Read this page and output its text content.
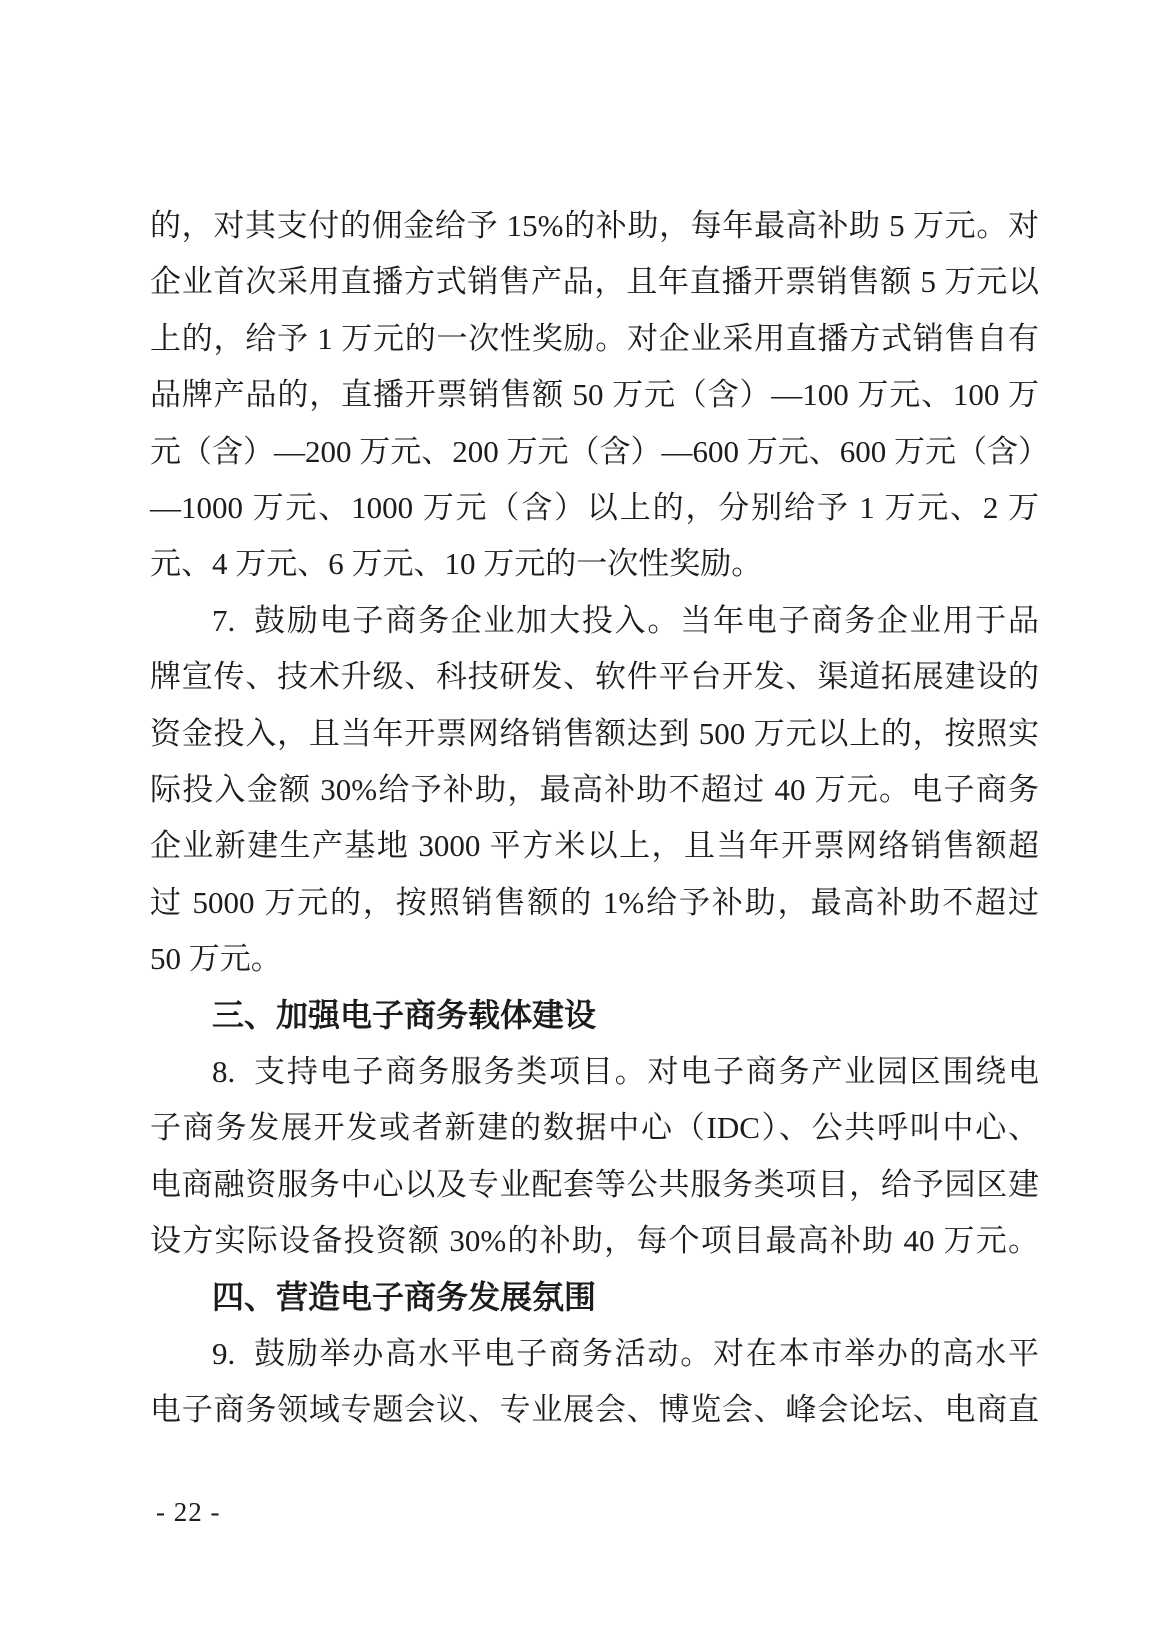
的，对其支付的佣金给予 15%的补助，每年最高补助 5 万元。对
企业首次采用直播方式销售产品，且年直播开票销售额 5 万元以
上的，给予 1 万元的一次性奖励。对企业采用直播方式销售自有
品牌产品的，直播开票销售额 50 万元（含）—100 万元、100 万
元（含）—200 万元、200 万元（含）—600 万元、600 万元（含）
—1000 万元、1000 万元（含）以上的，分别给予 1 万元、2 万
元、4 万元、6 万元、10 万元的一次性奖励。
7. 鼓励电子商务企业加大投入。当年电子商务企业用于品
牌宣传、技术升级、科技研发、软件平台开发、渠道拓展建设的
资金投入，且当年开票网络销售额达到 500 万元以上的，按照实
际投入金额 30%给予补助，最高补助不超过 40 万元。电子商务
企业新建生产基地 3000 平方米以上，且当年开票网络销售额超
过 5000 万元的，按照销售额的 1%给予补助，最高补助不超过
50 万元。
三、加强电子商务载体建设
8. 支持电子商务服务类项目。对电子商务产业园区围绕电
子商务发展开发或者新建的数据中心（IDC）、公共呼叫中心、
电商融资服务中心以及专业配套等公共服务类项目，给予园区建
设方实际设备投资额 30%的补助，每个项目最高补助 40 万元。
四、营造电子商务发展氛围
9. 鼓励举办高水平电子商务活动。对在本市举办的高水平
电子商务领域专题会议、专业展会、博览会、峰会论坛、电商直
- 22 -
